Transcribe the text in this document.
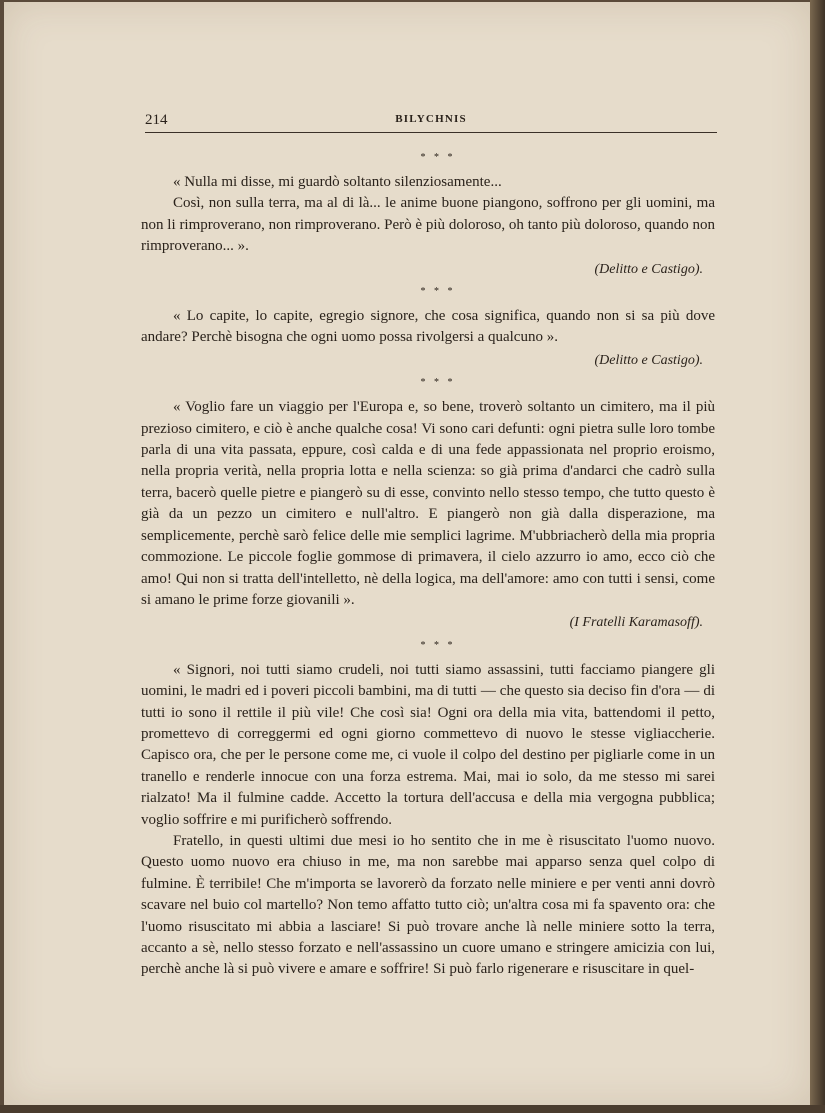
214	BILYCHNIS
* * *

« Nulla mi disse, mi guardò soltanto silenziosamente...

Così, non sulla terra, ma al di là... le anime buone piangono, soffrono per gli uomini, ma non li rimproverano, non rimproverano. Però è più doloroso, oh tanto più doloroso, quando non rimproverano... ».

(Delitto e Castigo).
* * *

« Lo capite, lo capite, egregio signore, che cosa significa, quando non si sa più dove andare? Perchè bisogna che ogni uomo possa rivolgersi a qualcuno ».

(Delitto e Castigo).
* * *

« Voglio fare un viaggio per l'Europa e, so bene, troverò soltanto un cimitero, ma il più prezioso cimitero, e ciò è anche qualche cosa! Vi sono cari defunti: ogni pietra sulle loro tombe parla di una vita passata, eppure, così calda e di una fede appassionata nel proprio eroismo, nella propria verità, nella propria lotta e nella scienza: so già prima d'andarci che cadrò sulla terra, bacerò quelle pietre e piangerò su di esse, convinto nello stesso tempo, che tutto questo è già da un pezzo un cimitero e null'altro. E piangerò non già dalla disperazione, ma semplicemente, perchè sarò felice delle mie semplici lagrime. M'ubbriacherò della mia propria commozione. Le piccole foglie gommose di primavera, il cielo azzurro io amo, ecco ciò che amo! Qui non si tratta dell'intelletto, nè della logica, ma dell'amore: amo con tutti i sensi, come si amano le prime forze giovanili ».

(I Fratelli Karamasoff).
* * *

« Signori, noi tutti siamo crudeli, noi tutti siamo assassini, tutti facciamo piangere gli uomini, le madri ed i poveri piccoli bambini, ma di tutti — che questo sia deciso fin d'ora — di tutti io sono il rettile il più vile! Che così sia! Ogni ora della mia vita, battendomi il petto, promettevo di correggermi ed ogni giorno commettevo di nuovo le stesse vigliaccherie. Capisco ora, che per le persone come me, ci vuole il colpo del destino per pigliarle come in un tranello e renderle innocue con una forza estrema. Mai, mai io solo, da me stesso mi sarei rialzato! Ma il fulmine cadde. Accetto la tortura dell'accusa e della mia vergogna pubblica; voglio soffrire e mi purificherò soffrendo.

Fratello, in questi ultimi due mesi io ho sentito che in me è risuscitato l'uomo nuovo. Questo uomo nuovo era chiuso in me, ma non sarebbe mai apparso senza quel colpo di fulmine. È terribile! Che m'importa se lavorerò da forzato nelle miniere e per venti anni dovrò scavare nel buio col martello? Non temo affatto tutto ciò; un'altra cosa mi fa spavento ora: che l'uomo risuscitato mi abbia a lasciare! Si può trovare anche là nelle miniere sotto la terra, accanto a sè, nello stesso forzato e nell'assassino un cuore umano e stringere amicizia con lui, perchè anche là si può vivere e amare e soffrire! Si può farlo rigenerare e risuscitare in quel-
